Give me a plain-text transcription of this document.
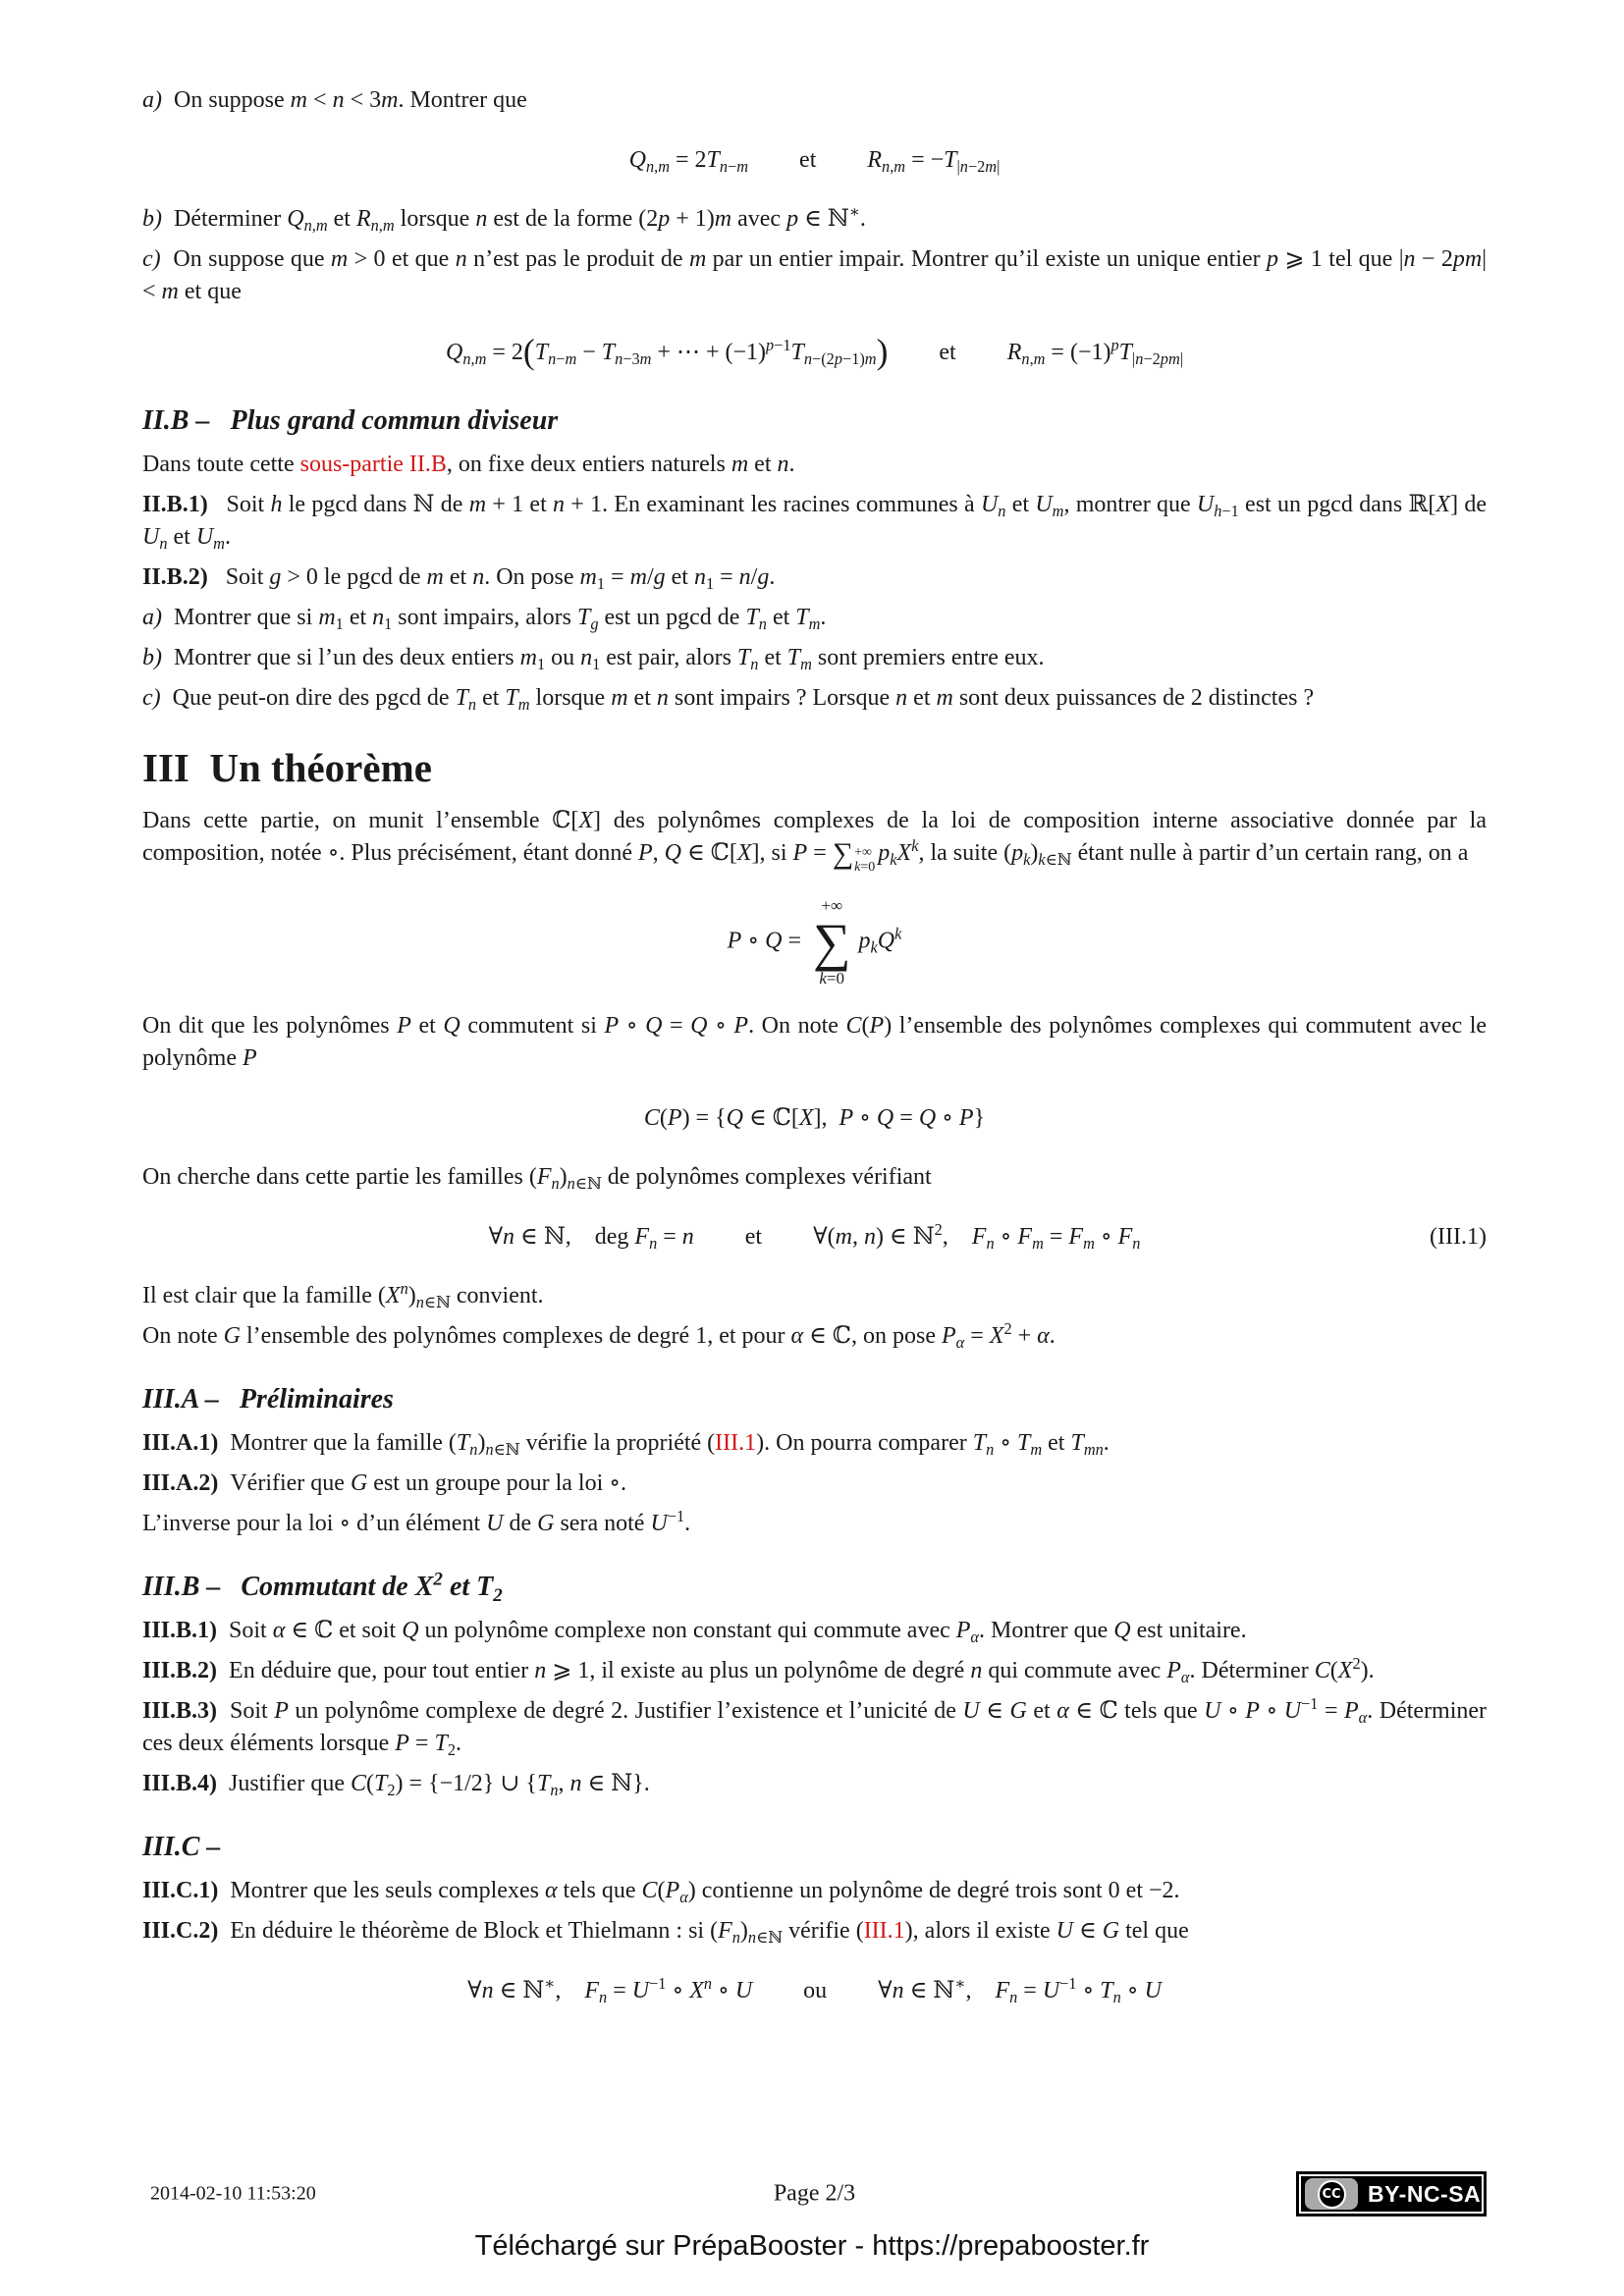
a)  On suppose m < n < 3m. Montrer que

$Q_{n,m} = 2T_{n-m}$ et $R_{n,m} = -T_{|n-2m|}$

b)  Déterminer $Q_{n,m}$ et $R_{n,m}$ lorsque n est de la forme (2p + 1)m avec p ∈ ℕ∗.

c)  On suppose que m > 0 et que n n’est pas le produit de m par un entier impair. Montrer qu’il existe un unique entier p ⩾ 1 tel que |n − 2pm| < m et que

$Q_{n,m} = 2(T_{n-m} - T_{n-3m}$ + ⋯ + $(-1)^{p-1}T_{n-(2p-1)m}$) et $R_{n,m} = (-1)^pT_{|n-2pm|}$
II.B –   Plus grand commun diviseur

Dans toute cette sous-partie II.B, on fixe deux entiers naturels m et n.

II.B.1)   Soit h le pgcd dans ℕ de m + 1 et n + 1. En examinant les racines communes à $U_n$ et $U_m$, montrer que $U_{h-1}$ est un pgcd dans ℝ[X] de $U_n$ et $U_m$.

II.B.2)   Soit g > 0 le pgcd de m et n. On pose $m_1 = m/g$ et $n_1 = n/g$.

a)  Montrer que si $m_1$ et $n_1$ sont impairs, alors $T_g$ est un pgcd de $T_n$ et $T_m$.

b)  Montrer que si l’un des deux entiers $m_1$ ou $n_1$ est pair, alors $T_n$ et $T_m$ sont premiers entre eux.

c)  Que peut-on dire des pgcd de $T_n$ et $T_m$ lorsque m et n sont impairs ? Lorsque n et m sont deux puissances de 2 distinctes ?

III  Un théorème

Dans cette partie, on munit l’ensemble ℂ[X] des polynômes complexes de la loi de composition interne associative donnée par la composition, notée ∘. Plus précisément, étant donné P, Q ∈ ℂ[X], si P = ∑ +∞
k=0
$p_kX^k$, la suite $(p_k)_{k\in ℕ}$ étant nulle à partir d’un certain rang, on a

P ∘ Q =
+∞
∑
k=0
$p_kQ^k$

On dit que les polynômes P et Q commutent si P ∘ Q = Q ∘ P. On note C(P) l’ensemble des polynômes complexes qui commutent avec le polynôme P

C(P) = {Q ∈ ℂ[X],  P ∘ Q = Q ∘ P}

On cherche dans cette partie les familles $(F_n)_{n\in ℕ}$ de polynômes complexes vérifiant

∀n ∈ ℕ, deg $F_n = n$ et ∀(m, n) ∈ ℕ$^2$, $F_n$ ∘ $F_m = F_m$ ∘ $F_n$	(III.1)

Il est clair que la famille $(X^n)_{n\in ℕ}$ convient.

On note G l’ensemble des polynômes complexes de degré 1, et pour α ∈ ℂ, on pose $P_\alpha = X^2 + \alpha$.

III.A –   Préliminaires

III.A.1)  Montrer que la famille $(T_n)_{n\in ℕ}$ vérifie la propriété (III.1). On pourra comparer $T_n$ ∘ $T_m$ et $T_{mn}$.

III.A.2)  Vérifier que G est un groupe pour la loi ∘.

L’inverse pour la loi ∘ d’un élément U de G sera noté $U^{-1}$.

III.B –   Commutant de $X^2$ et $T_2$

III.B.1)  Soit α ∈ ℂ et soit Q un polynôme complexe non constant qui commute avec $P_\alpha$. Montrer que Q est unitaire.

III.B.2)  En déduire que, pour tout entier n ⩾ 1, il existe au plus un polynôme de degré n qui commute avec $P_\alpha$. Déterminer $C(X^2)$.

III.B.3)  Soit P un polynôme complexe de degré 2. Justifier l’existence et l’unicité de U ∈ G et α ∈ ℂ tels que U ∘ P ∘ $U^{-1} = P_\alpha$. Déterminer ces deux éléments lorsque $P = T_2$.

III.B.4)  Justifier que $C(T_2) = \{-1/2\}$ ∪ {$T_n$, n ∈ ℕ}.

III.C –

III.C.1)  Montrer que les seuls complexes α tels que $C(P_\alpha)$ contienne un polynôme de degré trois sont 0 et −2.

III.C.2)  En déduire le théorème de Block et Thielmann : si $(F_n)_{n\in ℕ}$ vérifie (III.1), alors il existe U ∈ G tel que

∀n ∈ ℕ∗, $F_n = U^{-1}$ ∘ $X^n$ ∘ U ou ∀n ∈ ℕ∗, $F_n = U^{-1}$ ∘ $T_n$ ∘ U
2014-02-10 11:53:20	Page 2/3	CC BY-NC-SA
Téléchargé sur PrépaBooster - https://prepabooster.fr
